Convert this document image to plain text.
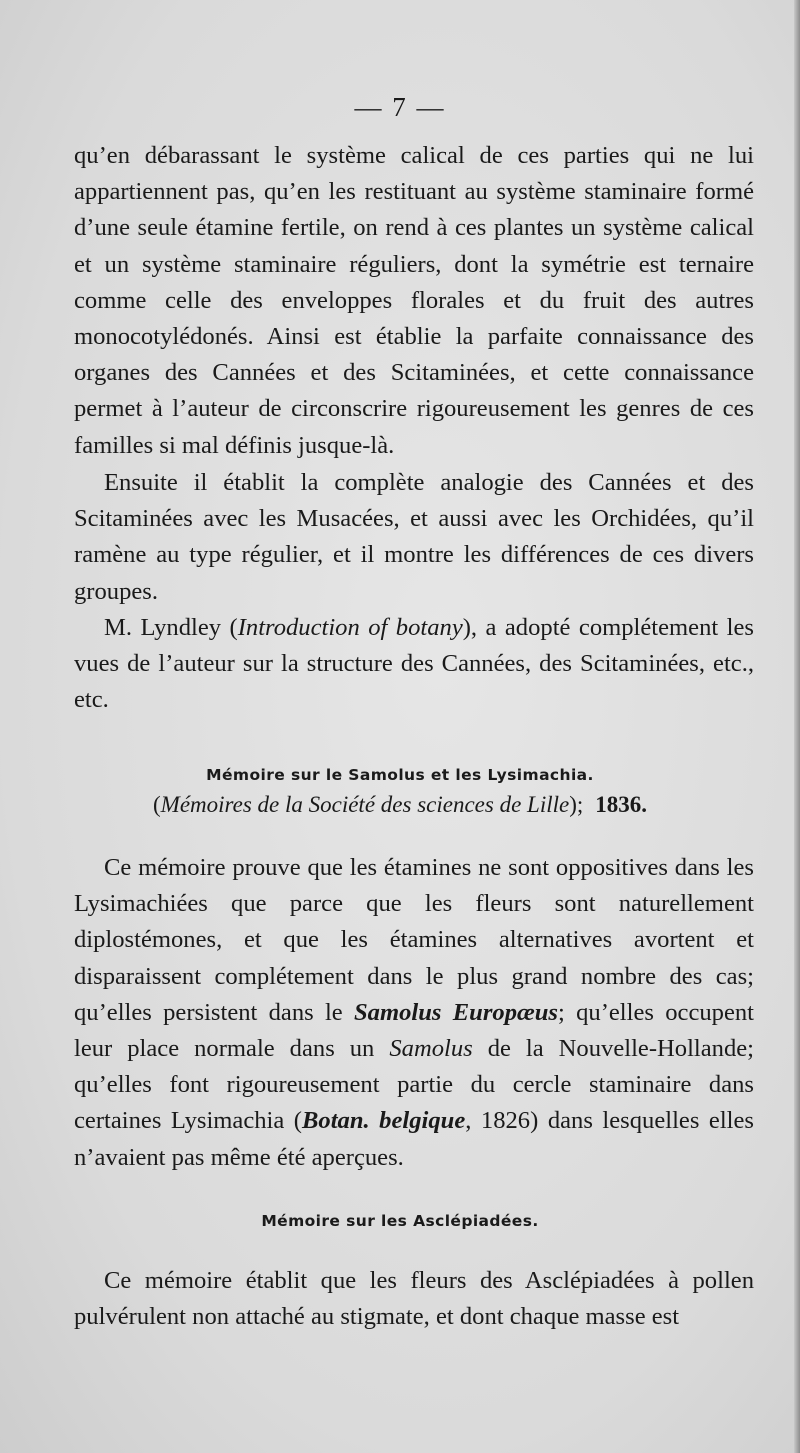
— 7 —

qu’en débarassant le système calical de ces parties qui ne lui appartiennent pas, qu’en les restituant au système staminaire formé d’une seule étamine fertile, on rend à ces plantes un système calical et un système staminaire réguliers, dont la symétrie est ternaire comme celle des enveloppes florales et du fruit des autres monocotylédonés. Ainsi est établie la parfaite connaissance des organes des Cannées et des Scitaminées, et cette connaissance permet à l’auteur de circonscrire rigoureusement les genres de ces familles si mal définis jusque-là.

Ensuite il établit la complète analogie des Cannées et des Scitaminées avec les Musacées, et aussi avec les Orchidées, qu’il ramène au type régulier, et il montre les différences de ces divers groupes.

M. Lyndley (Introduction of botany), a adopté complétement les vues de l’auteur sur la structure des Cannées, des Scitaminées, etc., etc.

Mémoire sur le Samolus et les Lysimachia.
(Mémoires de la Société des sciences de Lille); 1836.

Ce mémoire prouve que les étamines ne sont oppositives dans les Lysimachiées que parce que les fleurs sont naturellement diplostémones, et que les étamines alternatives avortent et disparaissent complétement dans le plus grand nombre des cas; qu’elles persistent dans le Samolus Europæus; qu’elles occupent leur place normale dans un Samolus de la Nouvelle-Hollande; qu’elles font rigoureusement partie du cercle staminaire dans certaines Lysimachia (Botan. belgique, 1826) dans lesquelles elles n’avaient pas même été aperçues.

Mémoire sur les Asclépiadées.

Ce mémoire établit que les fleurs des Asclépiadées à pollen pulvérulent non attaché au stigmate, et dont chaque masse est
